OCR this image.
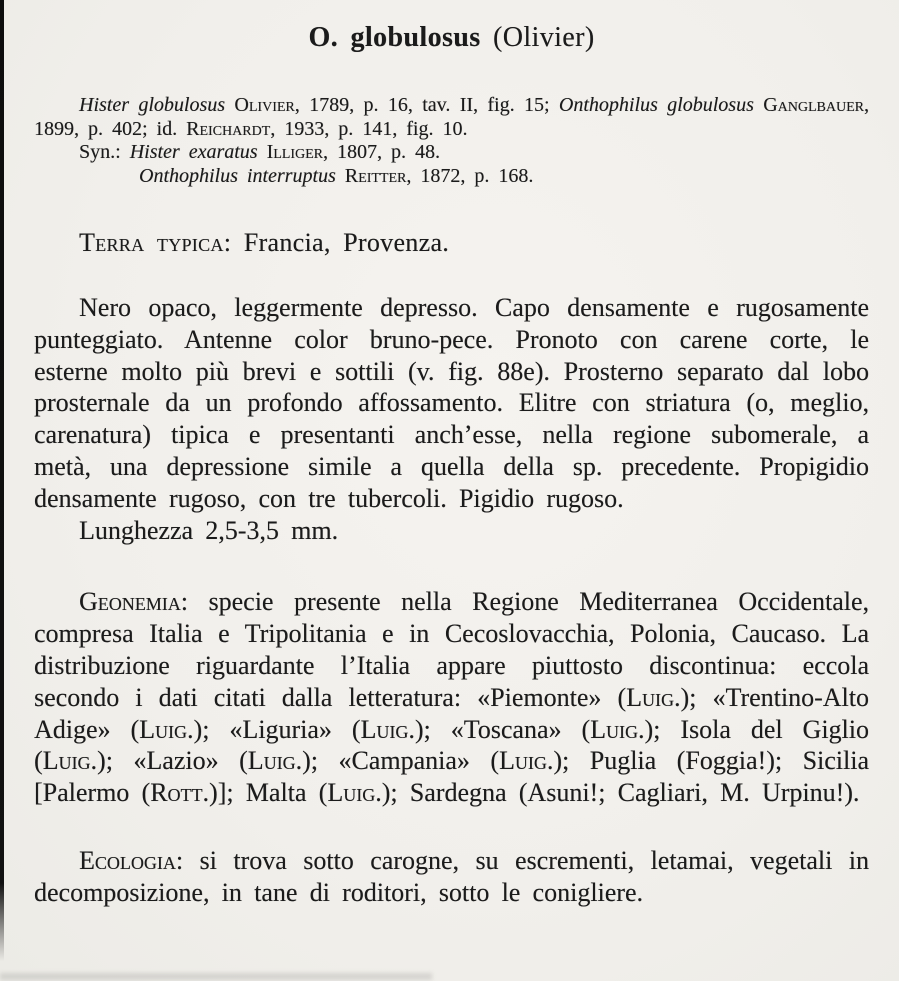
O. globulosus (Olivier)

Hister globulosus Olivier, 1789, p. 16, tav. II, fig. 15; Onthophilus globulosus Ganglbauer, 1899, p. 402; id. Reichardt, 1933, p. 141, fig. 10.

Syn.: Hister exaratus Illiger, 1807, p. 48.

Onthophilus interruptus Reitter, 1872, p. 168.

Terra typica: Francia, Provenza.

Nero opaco, leggermente depresso. Capo densamente e rugosamente punteggiato. Antenne color bruno-pece. Pronoto con carene corte, le esterne molto più brevi e sottili (v. fig. 88e). Prosterno separato dal lobo prosternale da un profondo affossamento. Elitre con striatura (o, meglio, carenatura) tipica e presentanti anch’esse, nella regione subomerale, a metà, una depressione simile a quella della sp. precedente. Propigidio densamente rugoso, con tre tubercoli. Pigidio rugoso.

Lunghezza 2,5-3,5 mm.

Geonemia: specie presente nella Regione Mediterranea Occidentale, compresa Italia e Tripolitania e in Cecoslovacchia, Polonia, Caucaso. La distribuzione riguardante l’Italia appare piuttosto discontinua: eccola secondo i dati citati dalla letteratura: «Piemonte» (Luig.); «Trentino-Alto Adige» (Luig.); «Liguria» (Luig.); «Toscana» (Luig.); Isola del Giglio (Luig.); «Lazio» (Luig.); «Campania» (Luig.); Puglia (Foggia!); Sicilia [Palermo (Rott.)]; Malta (Luig.); Sardegna (Asuni!; Cagliari, M. Urpinu!).

Ecologia: si trova sotto carogne, su escrementi, letamai, vegetali in decomposizione, in tane di roditori, sotto le conigliere.
